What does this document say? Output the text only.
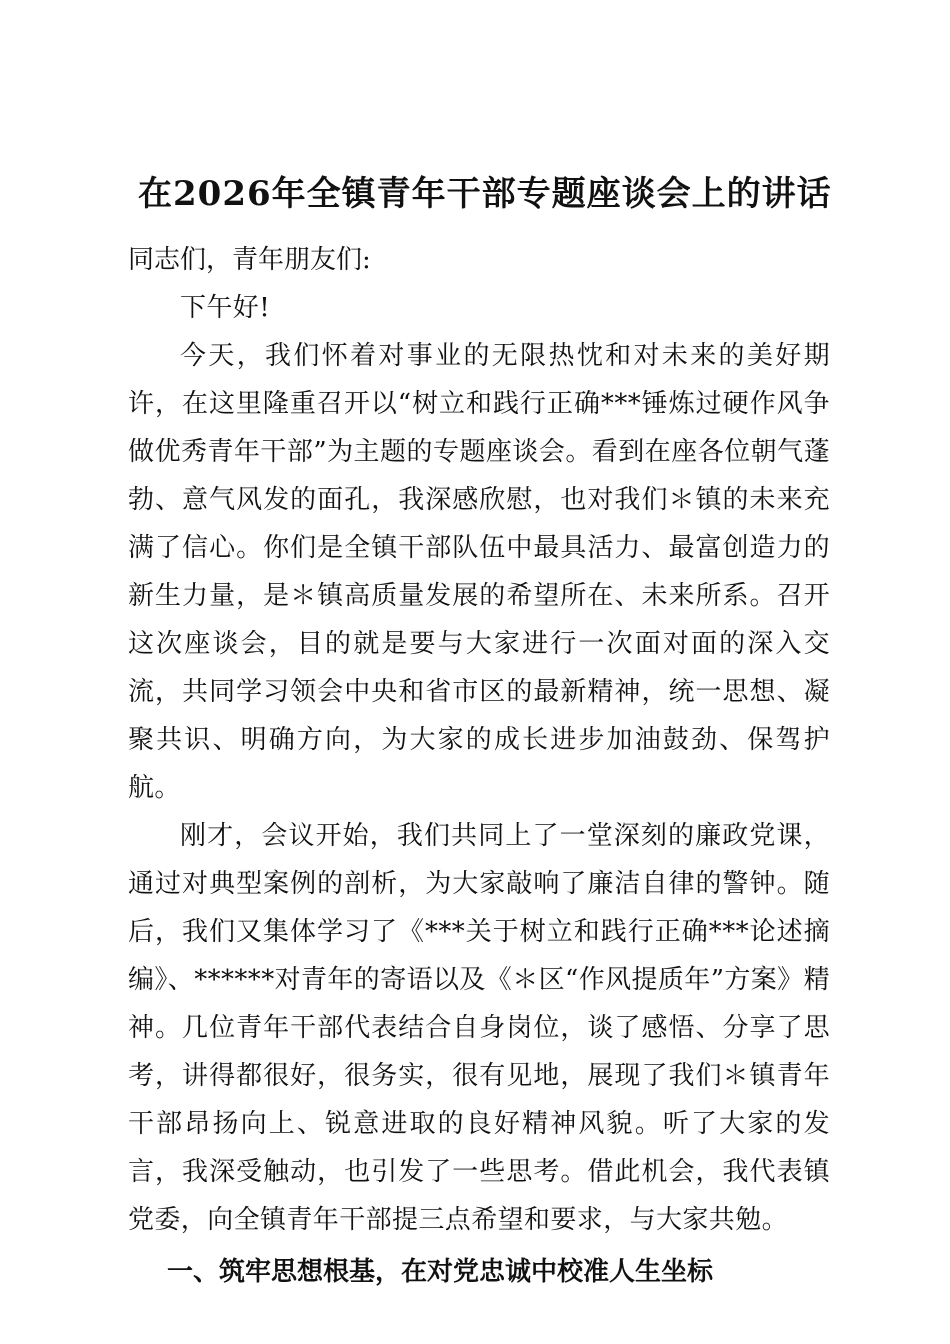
在2026年全镇青年干部专题座谈会上的讲话

同志们，青年朋友们:

下午好!

今天，我们怀着对事业的无限热忱和对未来的美好期许，在这里隆重召开以“树立和践行正确***锤炼过硬作风争做优秀青年干部”为主题的专题座谈会。看到在座各位朝气蓬勃、意气风发的面孔，我深感欣慰，也对我们＊镇的未来充满了信心。你们是全镇干部队伍中最具活力、最富创造力的新生力量，是＊镇高质量发展的希望所在、未来所系。召开这次座谈会，目的就是要与大家进行一次面对面的深入交流，共同学习领会中央和省市区的最新精神，统一思想、凝聚共识、明确方向，为大家的成长进步加油鼓劲、保驾护航。

刚才，会议开始，我们共同上了一堂深刻的廉政党课，通过对典型案例的剖析，为大家敲响了廉洁自律的警钟。随后，我们又集体学习了《***关于树立和践行正确***论述摘编》、******对青年的寄语以及《＊区“作风提质年”方案》精神。几位青年干部代表结合自身岗位，谈了感悟、分享了思考，讲得都很好，很务实，很有见地，展现了我们＊镇青年干部昂扬向上、锐意进取的良好精神风貌。听了大家的发言，我深受触动，也引发了一些思考。借此机会，我代表镇党委，向全镇青年干部提三点希望和要求，与大家共勉。

一、筑牢思想根基，在对党忠诚中校准人生坐标
